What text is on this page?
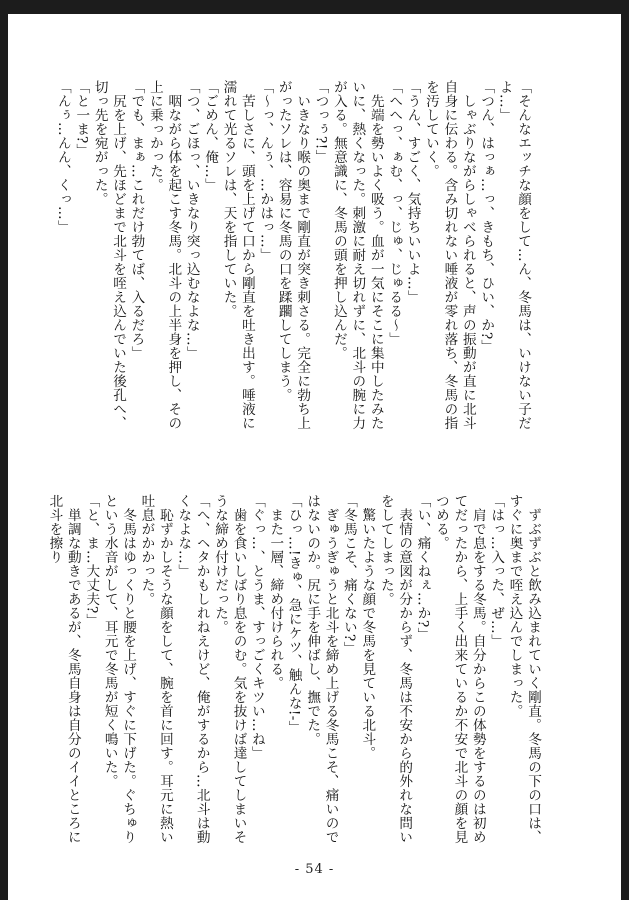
「そんなエッチな顔をして…ん、冬馬は、いけない子だよ…」
「つん、はっぁ…っ、きもち、ひい、か?」
　しゃぶりながらしゃべられると、声の振動が直に北斗自身に伝わる。含み切れない唾液が零れ落ち、冬馬の指を汚していく。
「うん、すごく、気持ちいいよ…」
「へへっ、ぁむ、っ、じゅ、じゅるる～」
　先端を勢いよく吸う。血が一気にそこに集中したみたいに、熱くなった。刺激に耐え切れずに、北斗の腕に力が入る。無意識に、冬馬の頭を押し込んだ。
「つっぅ?!」
　いきなり喉の奥まで剛直が突き刺さる。完全に勃ち上がったソレは、容易に冬馬の口を蹂躙してしまう。
「～っ、んぅ、…かはっ…」
　苦しさに、頭を上げて口から剛直を吐き出す。唾液に濡れて光るソレは、天を指していた。
「ごめん、俺…」
「つ、ごほっ、いきなり突っ込むなよな…」
　咽ながら体を起こす冬馬。北斗の上半身を押し、その上に乗っかった。
「でも、まぁ…これだけ勃てば、入るだろ」
　尻を上げ、先ほどまで北斗を咥え込んでいた後孔へ、切っ先を宛がった。
「と一ま?」
「んぅ…んん、くっ…」
　ずぶずぶと飲み込まれていく剛直。冬馬の下の口は、すぐに奥まで咥え込んでしまった。
「はっ…入った、ぜ…」
　肩で息をする冬馬。自分からこの体勢をするのは初めてだったから、上手く出来ているか不安で北斗の顔を見つめる。
「い、痛くねぇ…か?」
　表情の意図が分からず、冬馬は不安から的外れな問いをしてしまった。
　驚いたような顔で冬馬を見ている北斗。
「冬馬こそ、痛くない?」
　ぎゅうぎゅうと北斗を締め上げる冬馬こそ、痛いのではないのか。尻に手を伸ばし、撫でた。
「ひっ…!きゅ、急にケツ、触んな!-」
　また一層、締め付けられる。
「ぐっ…、とうま、すっごくキツい…ね」
　歯を食いしばり息をのむ。気を抜けば達してしまいそうな締め付けだった。
「へ、ヘタかもしれねえけど、俺がするから…北斗は動くなよな…」
　恥ずかしそうな顔をして、腕を首に回す。耳元に熱い吐息がかかった。
　冬馬はゆっくりと腰を上げ、すぐに下げた。ぐちゅりという水音がして、耳元で冬馬が短く鳴いた。
「と、ま…大丈夫?」
　単調な動きであるが、冬馬自身は自分のイイところに北斗を擦り
- 54 -
